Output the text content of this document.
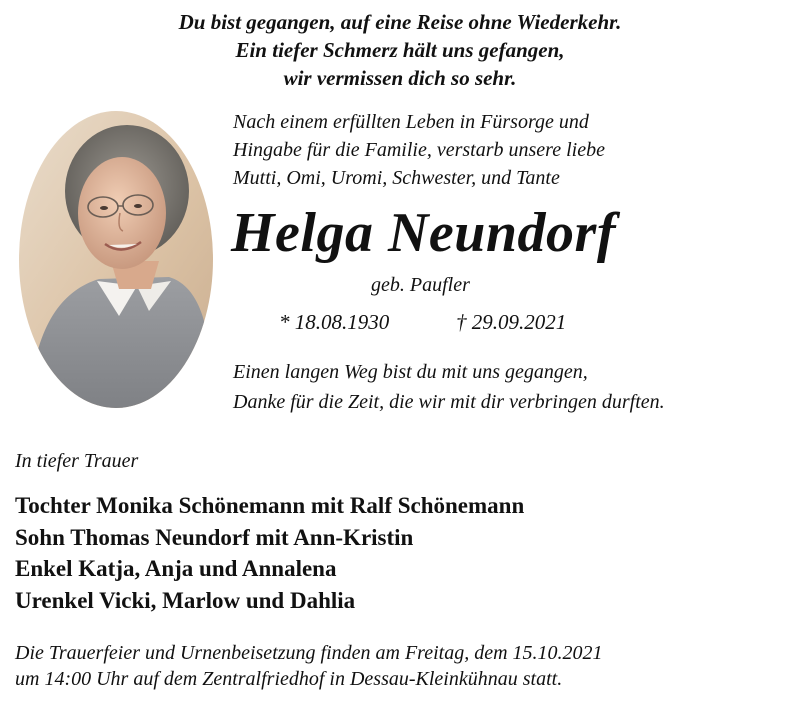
Du bist gegangen, auf eine Reise ohne Wiederkehr.
Ein tiefer Schmerz hält uns gefangen,
wir vermissen dich so sehr.
Nach einem erfüllten Leben in Fürsorge und
Hingabe für die Familie, verstarb unsere liebe
Mutti, Omi, Uromi, Schwester, und Tante
Helga Neundorf
geb. Paufler
* 18.08.1930	† 29.09.2021
Einen langen Weg bist du mit uns gegangen,
Danke für die Zeit, die wir mit dir verbringen durften.
In tiefer Trauer
Tochter Monika Schönemann mit Ralf Schönemann
Sohn Thomas Neundorf mit Ann-Kristin
Enkel Katja, Anja und Annalena
Urenkel Vicki, Marlow und Dahlia
Die Trauerfeier und Urnenbeisetzung finden am Freitag, dem 15.10.2021
um 14:00 Uhr auf dem Zentralfriedhof in Dessau-Kleinkühnau statt.
